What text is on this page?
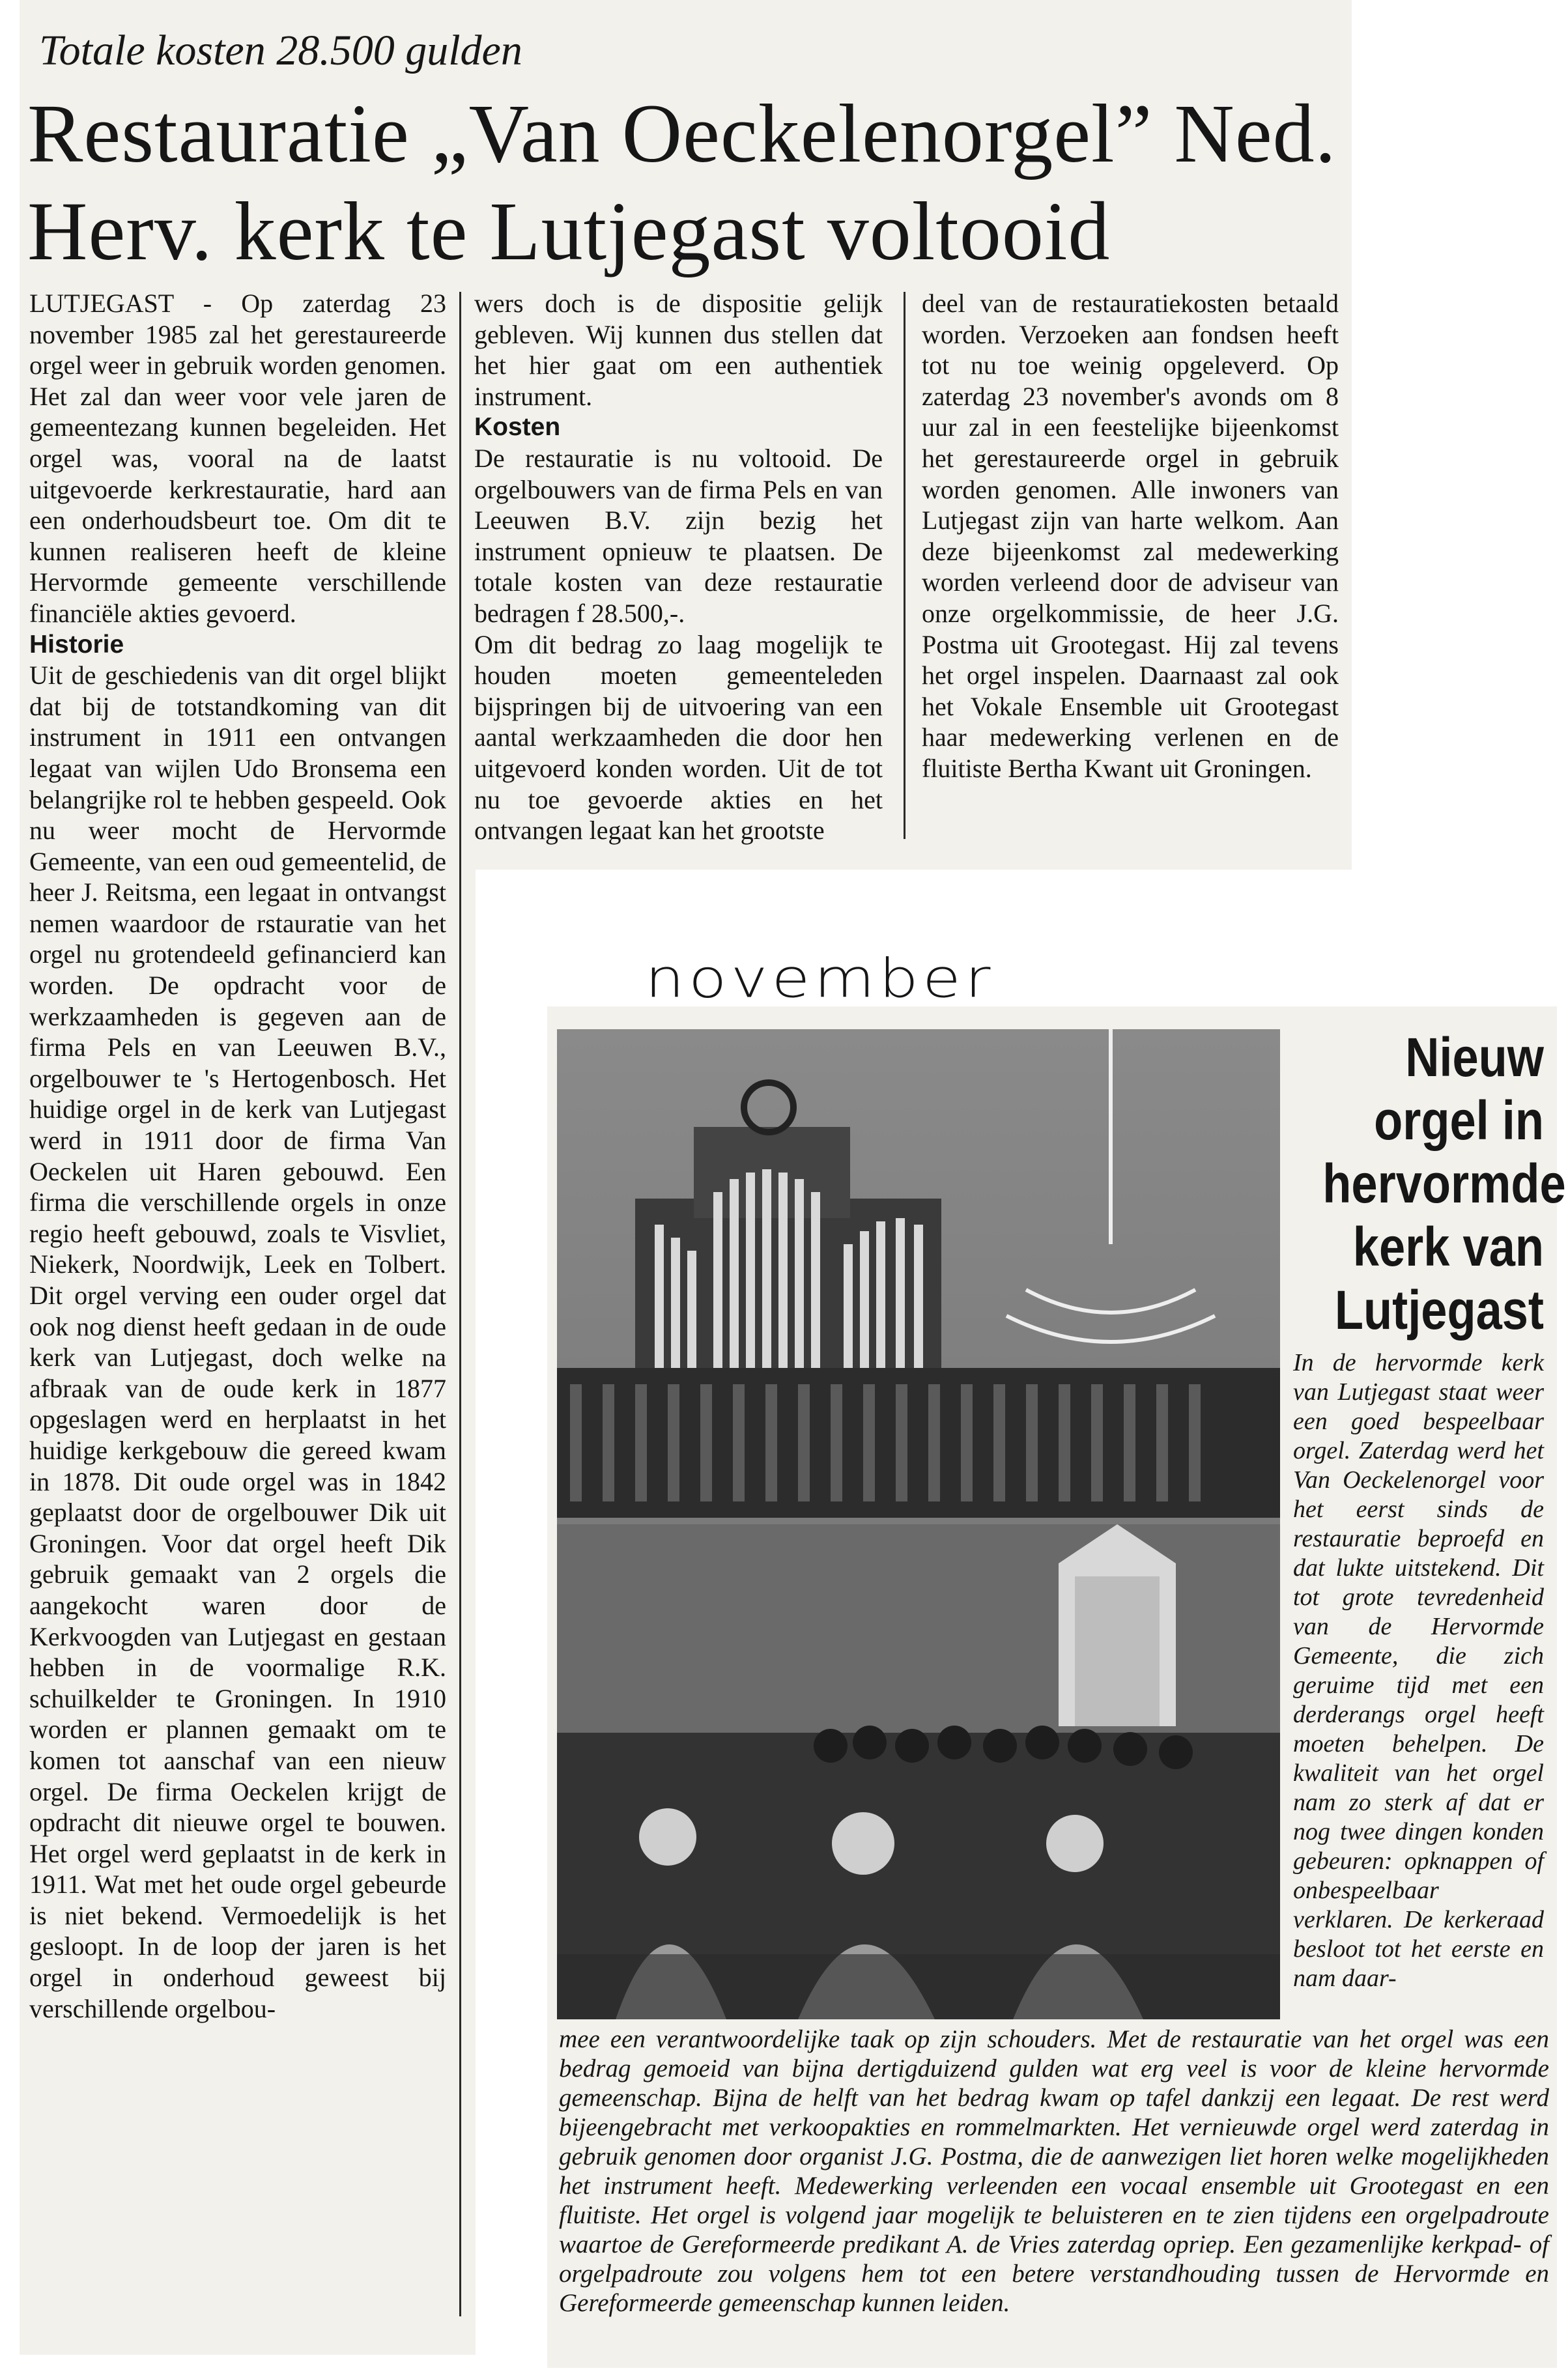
Totale kosten 28.500 gulden
Restauratie „Van Oeckelenorgel” Ned.
Herv. kerk te Lutjegast voltooid

LUTJEGAST - Op zaterdag 23 november 1985 zal het gerestaureerde orgel weer in gebruik worden genomen. Het zal dan weer voor vele jaren de gemeentezang kunnen begeleiden. Het orgel was, vooral na de laatst uitgevoerde kerkrestauratie, hard aan een onderhoudsbeurt toe. Om dit te kunnen realiseren heeft de kleine Hervormde gemeente verschillende financiële akties gevoerd.

Historie

Uit de geschiedenis van dit orgel blijkt dat bij de totstandkoming van dit instrument in 1911 een ontvangen legaat van wijlen Udo Bronsema een belangrijke rol te hebben gespeeld. Ook nu weer mocht de Hervormde Gemeente, van een oud gemeentelid, de heer J. Reitsma, een legaat in ontvangst nemen waardoor de rstauratie van het orgel nu grotendeeld gefinancierd kan worden. De opdracht voor de werkzaamheden is gegeven aan de firma Pels en van Leeuwen B.V., orgelbouwer te 's Hertogenbosch. Het huidige orgel in de kerk van Lutjegast werd in 1911 door de firma Van Oeckelen uit Haren gebouwd. Een firma die verschillende orgels in onze regio heeft gebouwd, zoals te Visvliet, Niekerk, Noordwijk, Leek en Tolbert. Dit orgel verving een ouder orgel dat ook nog dienst heeft gedaan in de oude kerk van Lutjegast, doch welke na afbraak van de oude kerk in 1877 opgeslagen werd en herplaatst in het huidige kerkgebouw die gereed kwam in 1878. Dit oude orgel was in 1842 geplaatst door de orgelbouwer Dik uit Groningen. Voor dat orgel heeft Dik gebruik gemaakt van 2 orgels die aangekocht waren door de Kerkvoogden van Lutjegast en gestaan hebben in de voormalige R.K. schuilkelder te Groningen. In 1910 worden er plannen gemaakt om te komen tot aanschaf van een nieuw orgel. De firma Oeckelen krijgt de opdracht dit nieuwe orgel te bouwen. Het orgel werd geplaatst in de kerk in 1911. Wat met het oude orgel gebeurde is niet bekend. Vermoedelijk is het gesloopt. In de loop der jaren is het orgel in onderhoud geweest bij verschillende orgelbou-

wers doch is de dispositie gelijk gebleven. Wij kunnen dus stellen dat het hier gaat om een authentiek instrument.

Kosten

De restauratie is nu voltooid. De orgelbouwers van de firma Pels en van Leeuwen B.V. zijn bezig het instrument opnieuw te plaatsen. De totale kosten van deze restauratie bedragen f 28.500,-.

Om dit bedrag zo laag mogelijk te houden moeten gemeenteleden bijspringen bij de uitvoering van een aantal werkzaamheden die door hen uitgevoerd konden worden. Uit de tot nu toe gevoerde akties en het ontvangen legaat kan het grootste

deel van de restauratiekosten betaald worden. Verzoeken aan fondsen heeft tot nu toe weinig opgeleverd. Op zaterdag 23 november's avonds om 8 uur zal in een feestelijke bijeenkomst het gerestaureerde orgel in gebruik worden genomen. Alle inwoners van Lutjegast zijn van harte welkom. Aan deze bijeenkomst zal medewerking worden verleend door de adviseur van onze orgelkommissie, de heer J.G. Postma uit Grootegast. Hij zal tevens het orgel inspelen. Daarnaast zal ook het Vokale Ensemble uit Grootegast haar medewerking verlenen en de fluitiste Bertha Kwant uit Groningen.

november
Nieuw
orgel in
hervormde
kerk van
Lutjegast

In de hervormde kerk van Lutjegast staat weer een goed bespeelbaar orgel. Zaterdag werd het Van Oeckelenorgel voor het eerst sinds de restauratie beproefd en dat lukte uitstekend. Dit tot grote tevredenheid van de Hervormde Gemeente, die zich geruime tijd met een derderangs orgel heeft moeten behelpen. De kwaliteit van het orgel nam zo sterk af dat er nog twee dingen konden gebeuren: opknappen of onbespeelbaar verklaren. De kerkeraad besloot tot het eerste en nam daar-

mee een verantwoordelijke taak op zijn schouders. Met de restauratie van het orgel was een bedrag gemoeid van bijna dertigduizend gulden wat erg veel is voor de kleine hervormde gemeenschap. Bijna de helft van het bedrag kwam op tafel dankzij een legaat. De rest werd bijeengebracht met verkoopakties en rommelmarkten. Het vernieuwde orgel werd zaterdag in gebruik genomen door organist J.G. Postma, die de aanwezigen liet horen welke mogelijkheden het instrument heeft. Medewerking verleenden een vocaal ensemble uit Grootegast en een fluitiste. Het orgel is volgend jaar mogelijk te beluisteren en te zien tijdens een orgelpadroute waartoe de Gereformeerde predikant A. de Vries zaterdag opriep. Een gezamenlijke kerkpad- of orgelpadroute zou volgens hem tot een betere verstandhouding tussen de Hervormde en Gereformeerde gemeenschap kunnen leiden.
